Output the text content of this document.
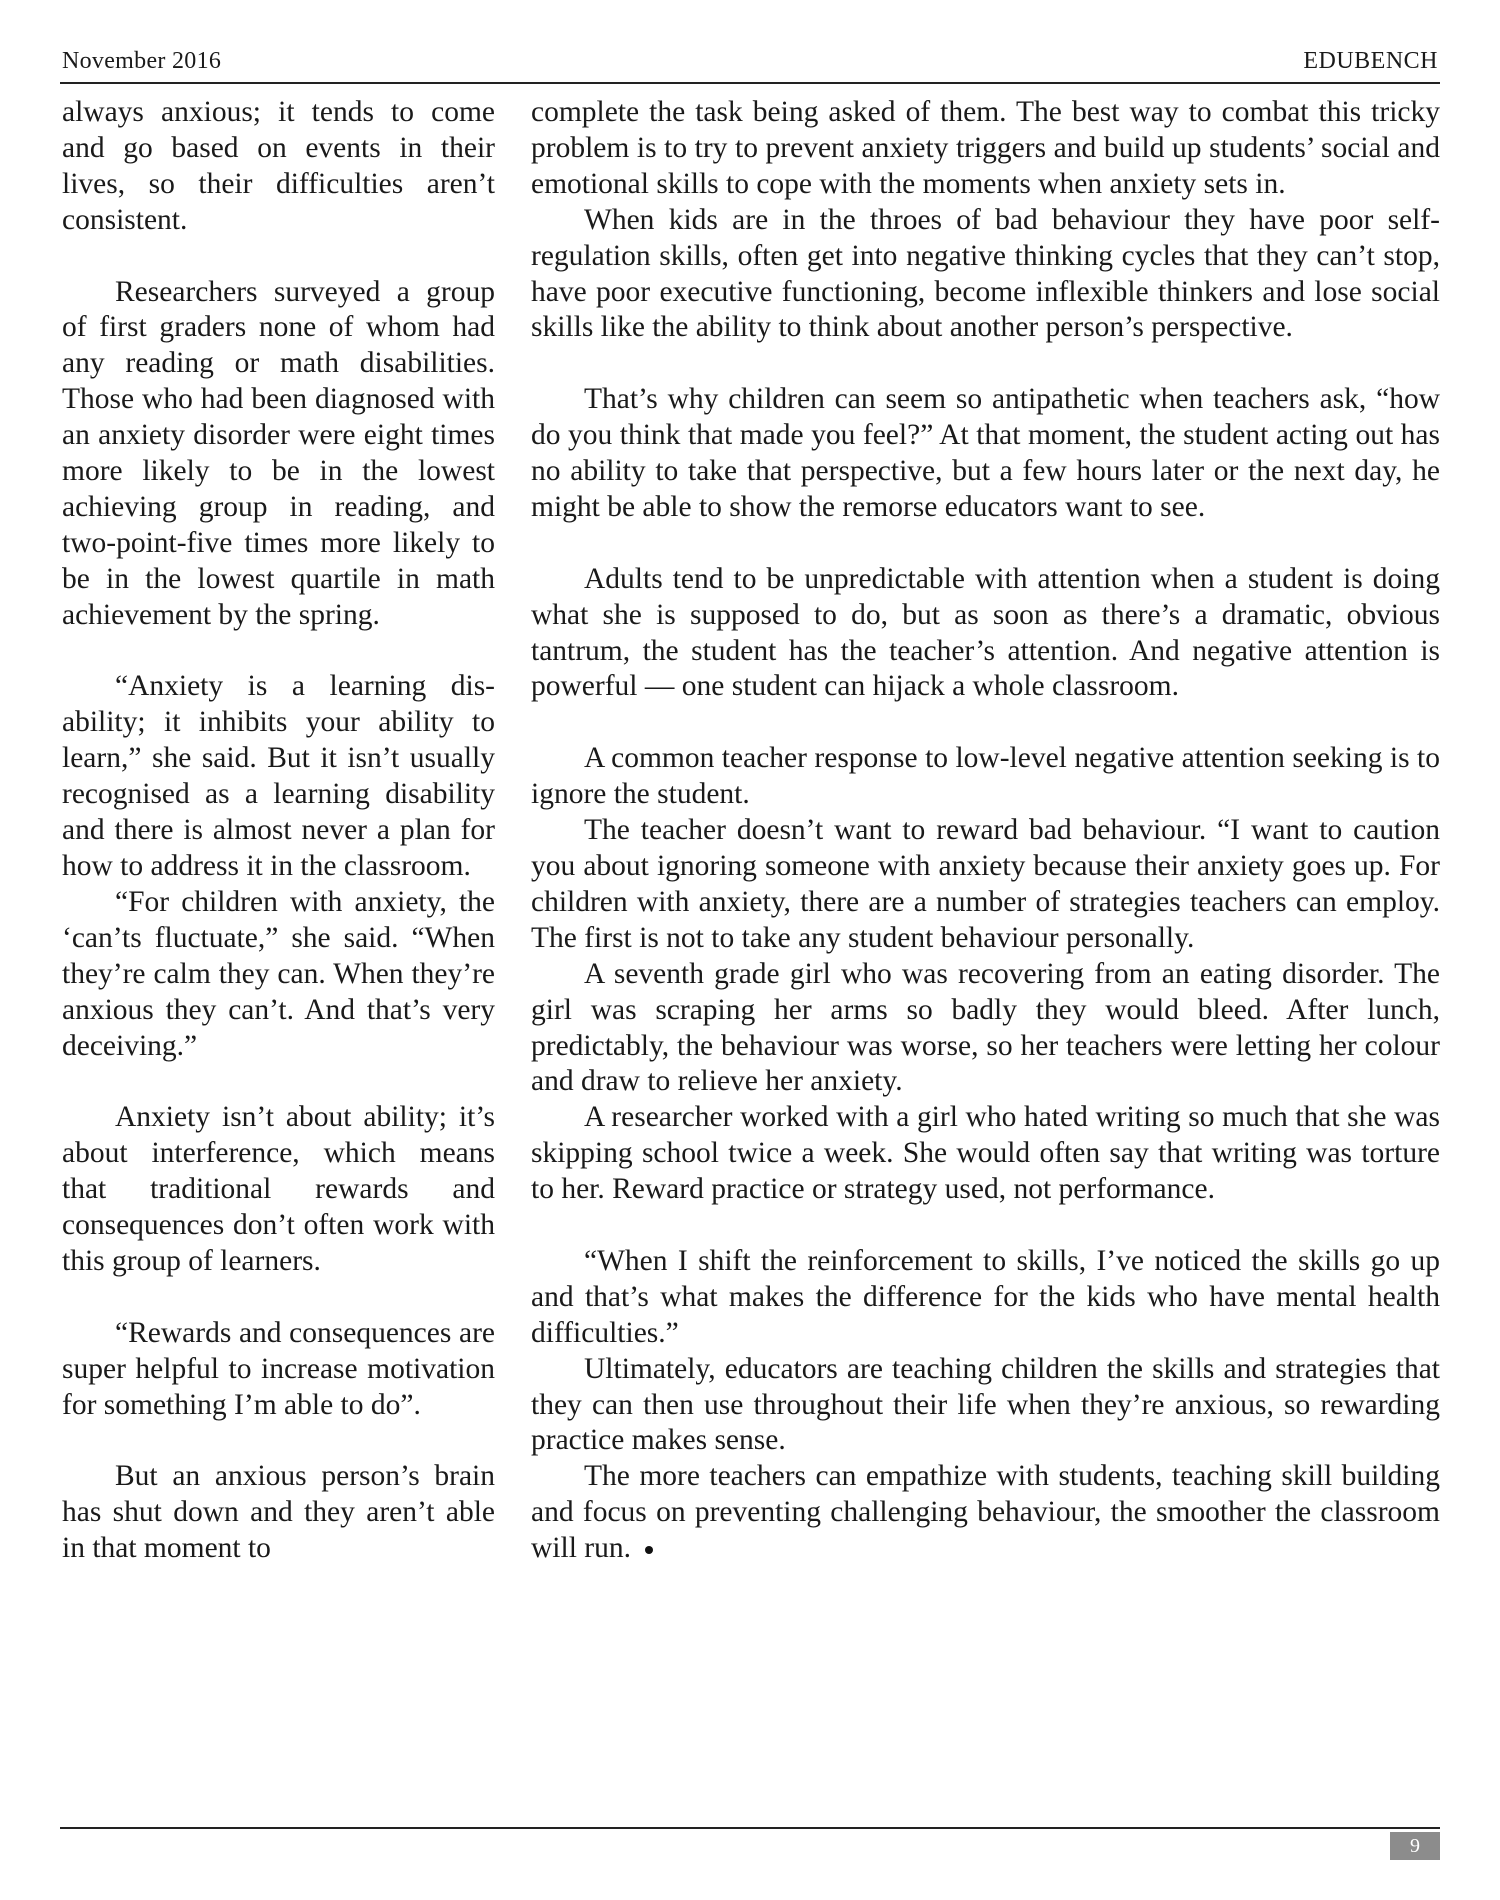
November 2016	EDUBENCH

always anxious; it tends to come and go based on events in their lives, so their difficulties aren’t consistent.

Researchers surveyed a group of first graders none of whom had any reading or math disabilities. Those who had been diagnosed with an anxiety disorder were eight times more likely to be in the lowest achieving group in reading, and two-point-five times more likely to be in the lowest quartile in math achievement by the spring.

“Anxiety is a learning disability; it inhibits your ability to learn,” she said. But it isn’t usually recognised as a learning disability and there is almost never a plan for how to address it in the classroom.

“For children with anxiety, the ‘can’ts fluctuate,” she said. “When they’re calm they can. When they’re anxious they can’t. And that’s very deceiving.”

Anxiety isn’t about ability; it’s about interference, which means that traditional rewards and consequences don’t often work with this group of learners.

“Rewards and consequences are super helpful to increase motivation for something I’m able to do”.

But an anxious person’s brain has shut down and they aren’t able in that moment to

complete the task being asked of them. The best way to combat this tricky problem is to try to prevent anxiety triggers and build up students’ social and emotional skills to cope with the moments when anxiety sets in.

When kids are in the throes of bad behaviour they have poor self-regulation skills, often get into negative thinking cycles that they can’t stop, have poor executive functioning, become inflexible thinkers and lose social skills like the ability to think about another person’s perspective.

That’s why children can seem so antipathetic when teachers ask, “how do you think that made you feel?” At that moment, the student acting out has no ability to take that perspective, but a few hours later or the next day, he might be able to show the remorse educators want to see.

Adults tend to be unpredictable with attention when a student is doing what she is supposed to do, but as soon as there’s a dramatic, obvious tantrum, the student has the teacher’s attention. And negative attention is powerful — one student can hijack a whole classroom.

A common teacher response to low-level negative attention seeking is to ignore the student.

The teacher doesn’t want to reward bad behaviour. “I want to caution you about ignoring someone with anxiety because their anxiety goes up. For children with anxiety, there are a number of strategies teachers can employ. The first is not to take any student behaviour personally.

A seventh grade girl who was recovering from an eating disorder. The girl was scraping her arms so badly they would bleed. After lunch, predictably, the behaviour was worse, so her teachers were letting her colour and draw to relieve her anxiety.

A researcher worked with a girl who hated writing so much that she was skipping school twice a week. She would often say that writing was torture to her. Reward practice or strategy used, not performance.

“When I shift the reinforcement to skills, I’ve noticed the skills go up and that’s what makes the difference for the kids who have mental health difficulties.”

Ultimately, educators are teaching children the skills and strategies that they can then use throughout their life when they’re anxious, so rewarding practice makes sense.

The more teachers can empathize with students, teaching skill building and focus on preventing challenging behaviour, the smoother the classroom will run.

9
